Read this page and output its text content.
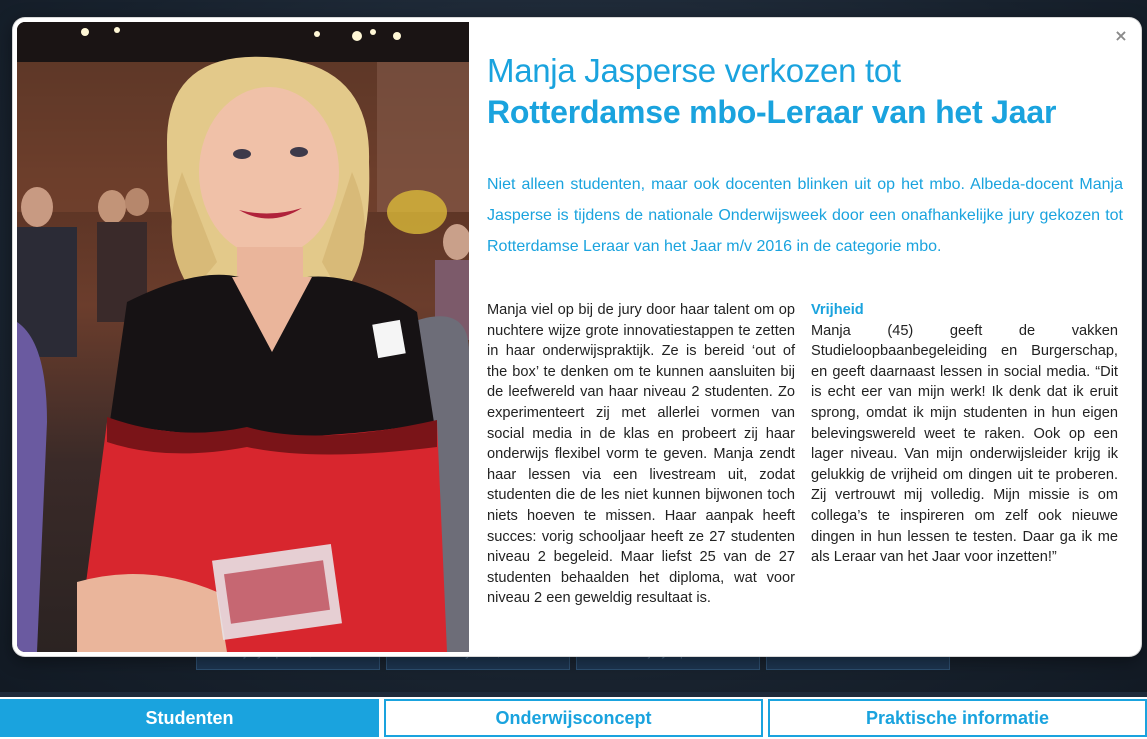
×
Manja Jasperse verkozen tot
Rotterdamse mbo-Leraar van het Jaar
Niet alleen studenten, maar ook docenten blinken uit op het mbo. Albeda-docent Manja Jasperse is tijdens de nationale Onderwijsweek door een onafhankelijke jury gekozen tot Rotterdamse Leraar van het Jaar m/v 2016 in de categorie mbo.
Manja viel op bij de jury door haar talent om op nuchtere wijze grote innovatiestappen te zetten in haar onderwijspraktijk. Ze is bereid ‘out of the box’ te denken om te kunnen aansluiten bij de leefwereld van haar niveau 2 studenten. Zo experimenteert zij met allerlei vormen van social media in de klas en probeert zij haar onderwijs flexibel vorm te geven. Manja zendt haar lessen via een livestream uit, zodat studenten die de les niet kunnen bijwonen toch niets hoeven te missen. Haar aanpak heeft succes: vorig schooljaar heeft ze 27 studenten niveau 2 begeleid. Maar liefst 25 van de 27 studenten behaalden het diploma, wat voor niveau 2 een geweldig resultaat is.
Vrijheid
Manja (45) geeft de vakken Studieloopbaanbegeleiding en Burgerschap, en geeft daarnaast lessen in social media. “Dit is echt eer van mijn werk! Ik denk dat ik eruit sprong, omdat ik mijn studenten in hun eigen belevingswereld weet te raken. Ook op een lager niveau. Van mijn onderwijsleider krijg ik gelukkig de vrijheid om dingen uit te proberen. Zij vertrouwt mij volledig. Mijn missie is om collega’s te inspireren om zelf ook nieuwe dingen in hun lessen te testen. Daar ga ik me als Leraar van het Jaar voor inzetten!”
Studenten	Onderwijsconcept	Praktische informatie
